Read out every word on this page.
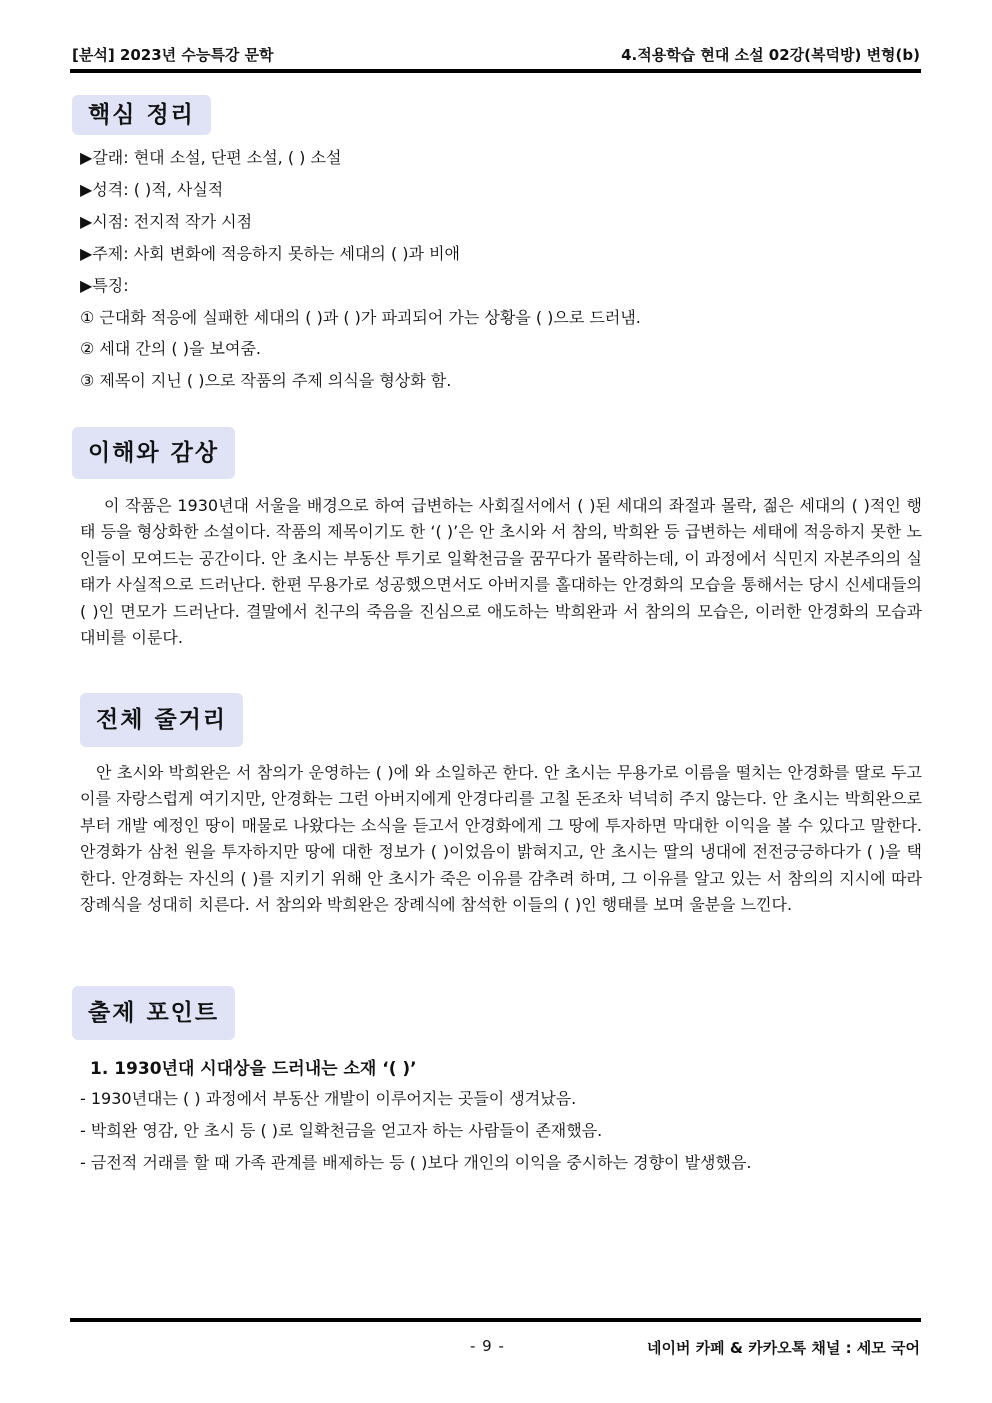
[분석] 2023년 수능특강 문학	4.적용학습 현대 소설 02강(복덕방) 변형(b)
핵심 정리
▶갈래: 현대 소설, 단편 소설, ( ) 소설
▶성격: ( )적, 사실적
▶시점: 전지적 작가 시점
▶주제: 사회 변화에 적응하지 못하는 세대의 ( )과 비애
▶특징:
① 근대화 적응에 실패한 세대의 ( )과 ( )가 파괴되어 가는 상황을 ( )으로 드러냄.
② 세대 간의 ( )을 보여줌.
③ 제목이 지닌 ( )으로 작품의 주제 의식을 형상화 함.
이해와 감상
이 작품은 1930년대 서울을 배경으로 하여 급변하는 사회질서에서 ( )된 세대의 좌절과 몰락, 젊은 세대의 ( )적인 행태 등을 형상화한 소설이다. 작품의 제목이기도 한 ‘( )’은 안 초시와 서 참의, 박희완 등 급변하는 세태에 적응하지 못한 노인들이 모여드는 공간이다. 안 초시는 부동산 투기로 일확천금을 꿈꾸다가 몰락하는데, 이 과정에서 식민지 자본주의의 실태가 사실적으로 드러난다. 한편 무용가로 성공했으면서도 아버지를 홀대하는 안경화의 모습을 통해서는 당시 신세대들의 ( )인 면모가 드러난다. 결말에서 친구의 죽음을 진심으로 애도하는 박희완과 서 참의의 모습은, 이러한 안경화의 모습과 대비를 이룬다.
전체 줄거리
안 초시와 박희완은 서 참의가 운영하는 ( )에 와 소일하곤 한다. 안 초시는 무용가로 이름을 떨치는 안경화를 딸로 두고 이를 자랑스럽게 여기지만, 안경화는 그런 아버지에게 안경다리를 고칠 돈조차 넉넉히 주지 않는다. 안 초시는 박희완으로부터 개발 예정인 땅이 매물로 나왔다는 소식을 듣고서 안경화에게 그 땅에 투자하면 막대한 이익을 볼 수 있다고 말한다. 안경화가 삼천 원을 투자하지만 땅에 대한 정보가 ( )이었음이 밝혀지고, 안 초시는 딸의 냉대에 전전긍긍하다가 ( )을 택한다. 안경화는 자신의 ( )를 지키기 위해 안 초시가 죽은 이유를 감추려 하며, 그 이유를 알고 있는 서 참의의 지시에 따라 장례식을 성대히 치른다. 서 참의와 박희완은 장례식에 참석한 이들의 ( )인 행태를 보며 울분을 느낀다.
출제 포인트
1. 1930년대 시대상을 드러내는 소재 ‘( )’
- 1930년대는 ( ) 과정에서 부동산 개발이 이루어지는 곳들이 생겨났음.
- 박희완 영감, 안 초시 등 ( )로 일확천금을 얻고자 하는 사람들이 존재했음.
- 금전적 거래를 할 때 가족 관계를 배제하는 등 ( )보다 개인의 이익을 중시하는 경향이 발생했음.
- 9 -	네이버 카페 & 카카오톡 채널 : 세모 국어
